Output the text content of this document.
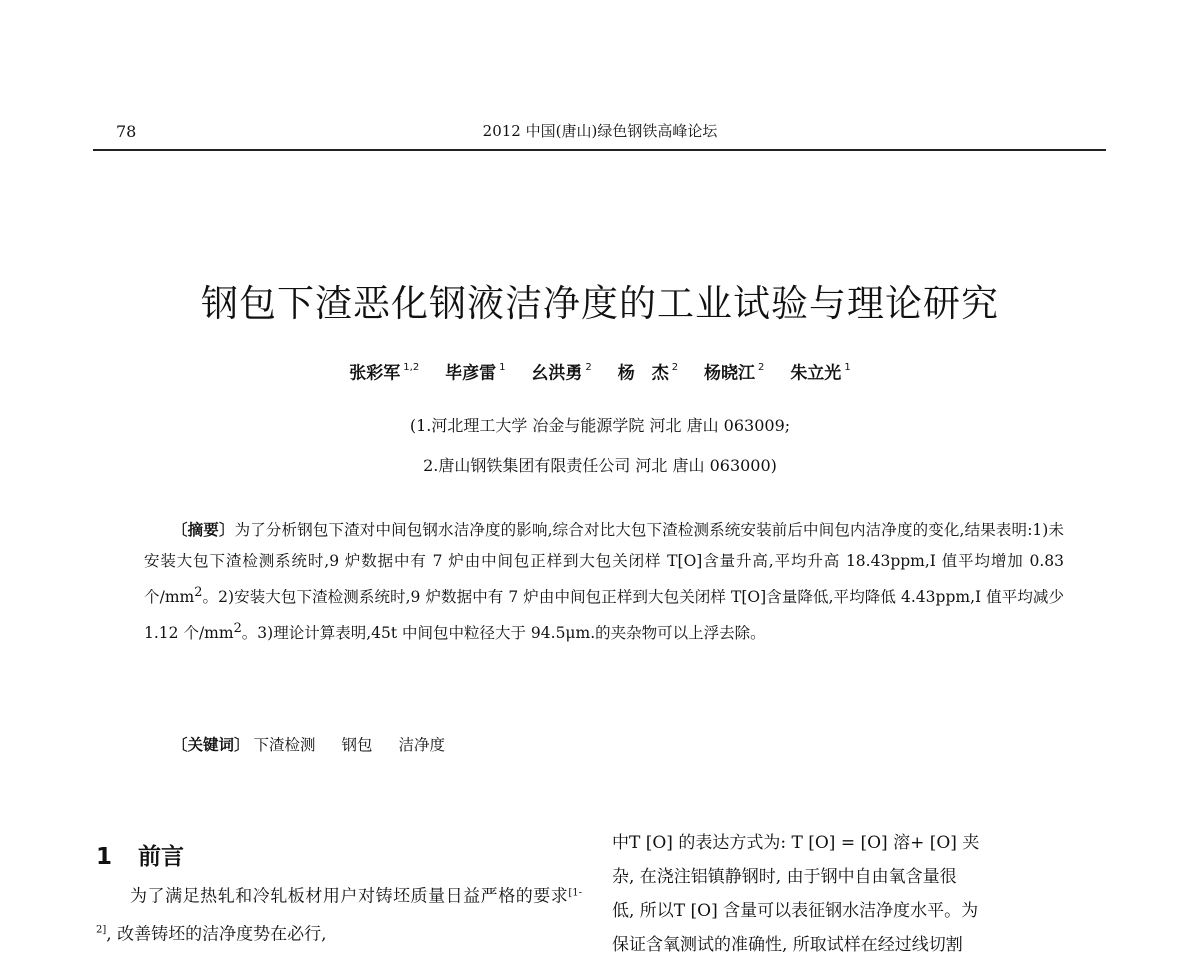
78	2012 中国(唐山)绿色钢铁高峰论坛
钢包下渣恶化钢液洁净度的工业试验与理论研究
张彩军 $^{1,2}$ 毕彦雷 $^1$ 幺洪勇 $^2$ 杨　杰 $^2$ 杨晓江 $^2$ 朱立光 $^1$
(1.河北理工大学 冶金与能源学院 河北 唐山 063009;
2.唐山钢铁集团有限责任公司 河北 唐山 063000)
〔摘要〕为了分析钢包下渣对中间包钢水洁净度的影响,综合对比大包下渣检测系统安装前后中间包内洁净度的变化,结果表明:1)未安装大包下渣检测系统时,9 炉数据中有 7 炉由中间包正样到大包关闭样 T[O]含量升高,平均升高 18.43ppm,I 值平均增加 0.83 个$/mm^2$。2)安装大包下渣检测系统时,9 炉数据中有 7 炉由中间包正样到大包关闭样 T[O]含量降低,平均降低 4.43ppm,I 值平均减少 1.12 个$/mm^2$。3)理论计算表明,45t 中间包中粒径大于 94.5μm.的夹杂物可以上浮去除。
〔关键词〕 下渣检测 钢包 洁净度
1 前言
为了满足热轧和冷轧板材用户对铸坯质量日益严格的要求[1-2], 改善铸坯的洁净度势在必行,
中T [O] 的表达方式为: T [O] = [O] 溶+ [O] 夹
杂, 在浇注铝镇静钢时, 由于钢中自由氧含量很
低, 所以T [O] 含量可以表征钢水洁净度水平。为
保证含氧测试的准确性, 所取试样在经过线切割
